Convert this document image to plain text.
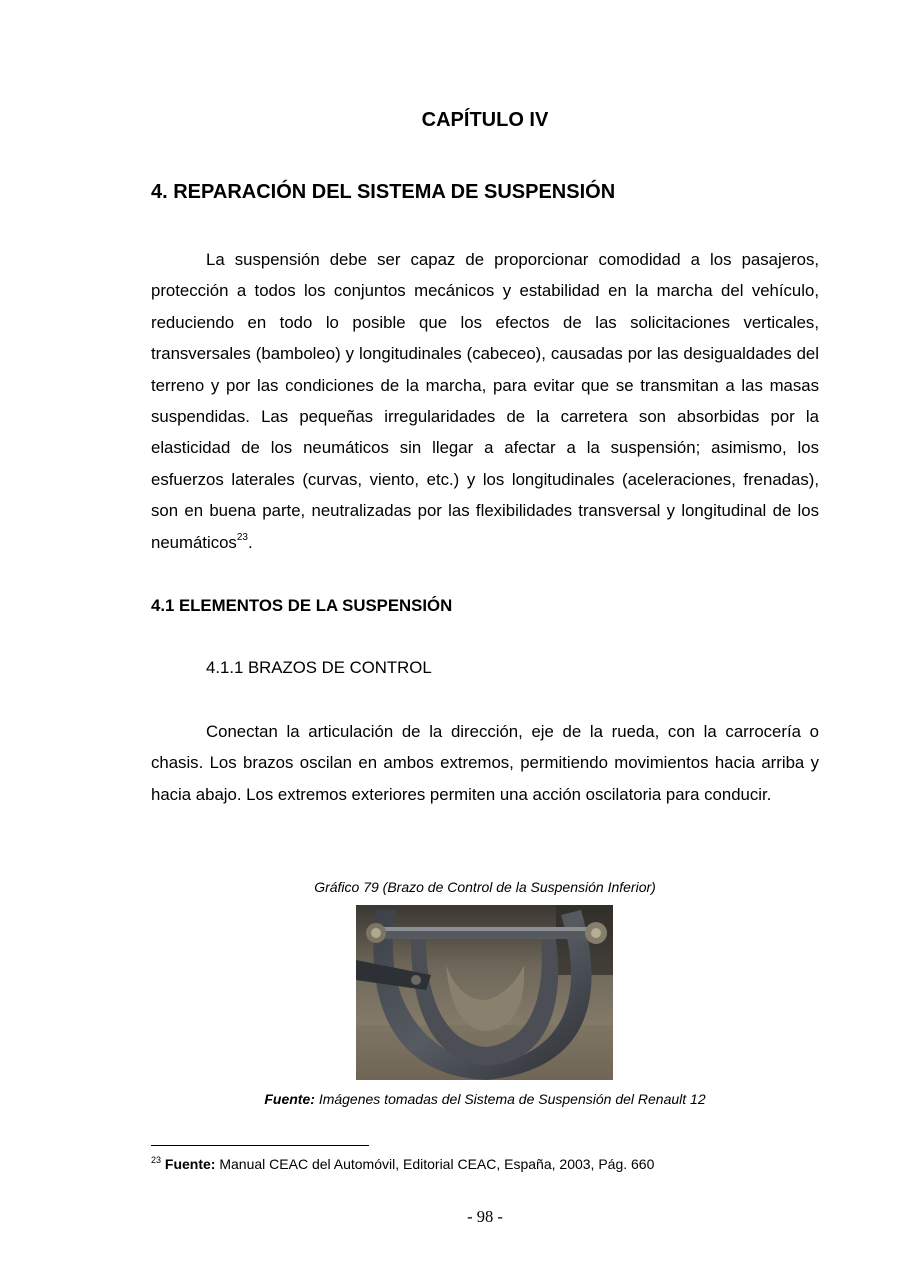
CAPÍTULO IV
4. REPARACIÓN DEL SISTEMA DE SUSPENSIÓN

La suspensión debe ser capaz de proporcionar comodidad a los pasajeros, protección a todos los conjuntos mecánicos y estabilidad en la marcha del vehículo, reduciendo en todo lo posible que los efectos de las solicitaciones verticales, transversales (bamboleo) y longitudinales (cabeceo), causadas por las desigualdades del terreno y por las condiciones de la marcha, para evitar que se transmitan a las masas suspendidas. Las pequeñas irregularidades de la carretera son absorbidas por la elasticidad de los neumáticos sin llegar a afectar a la suspensión; asimismo, los esfuerzos laterales (curvas, viento, etc.) y los longitudinales (aceleraciones, frenadas), son en buena parte, neutralizadas por las flexibilidades transversal y longitudinal de los neumáticos$^{23}$.

4.1 ELEMENTOS DE LA SUSPENSIÓN
4.1.1 BRAZOS DE CONTROL

Conectan la articulación de la dirección, eje de la rueda, con la carrocería o chasis. Los brazos oscilan en ambos extremos, permitiendo movimientos hacia arriba y hacia abajo. Los extremos exteriores permiten una acción oscilatoria para conducir.

Gráfico 79 (Brazo de Control de la Suspensión Inferior)
Fuente: Imágenes tomadas del Sistema de Suspensión del Renault 12
$^{23}$ Fuente: Manual CEAC del Automóvil, Editorial CEAC, España, 2003, Pág. 660
- 98 -
